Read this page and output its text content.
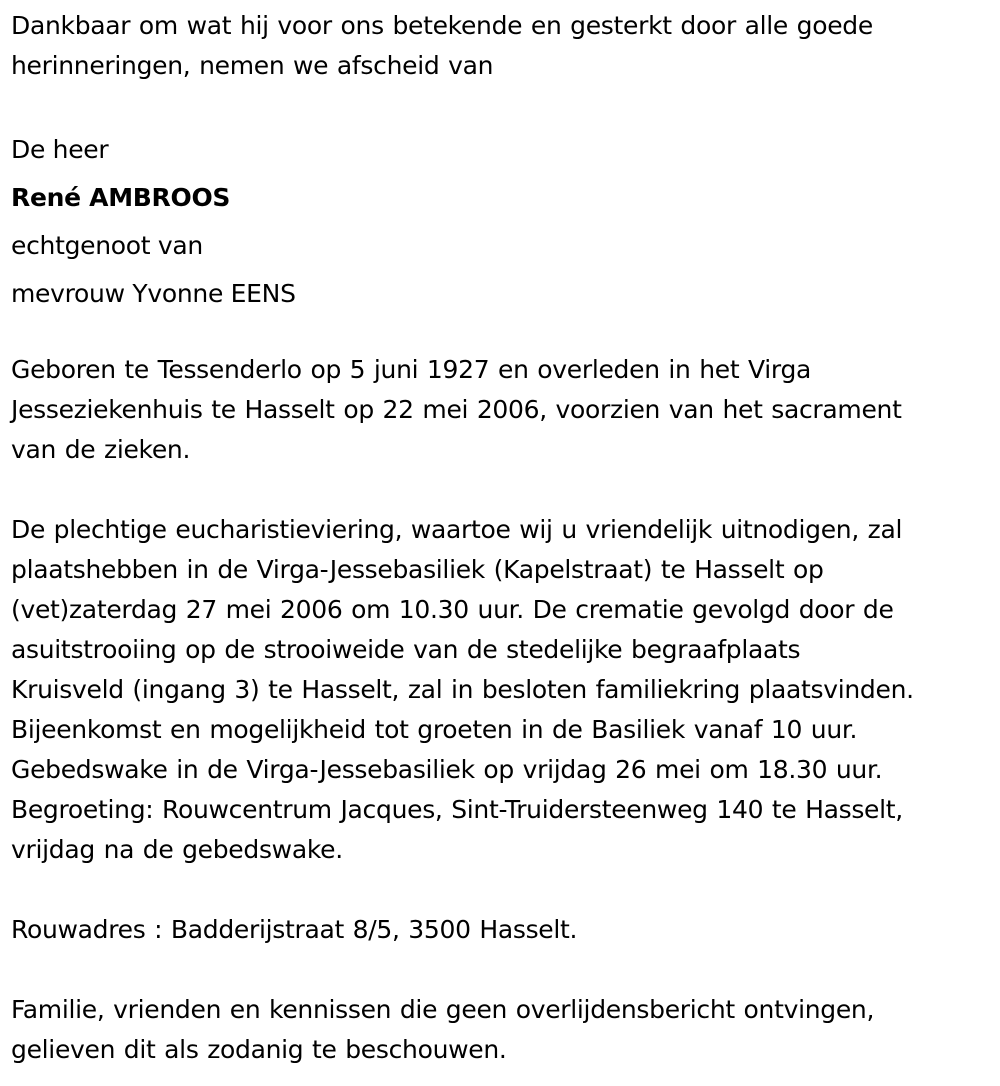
Dankbaar om wat hij voor ons betekende en gesterkt door alle goede
herinneringen, nemen we afscheid van

De heer

René AMBROOS

echtgenoot van

mevrouw Yvonne EENS

Geboren te Tessenderlo op 5 juni 1927 en overleden in het Virga
Jesseziekenhuis te Hasselt op 22 mei 2006, voorzien van het sacrament
van de zieken.

De plechtige eucharistieviering, waartoe wij u vriendelijk uitnodigen, zal
plaatshebben in de Virga-Jessebasiliek (Kapelstraat) te Hasselt op
(vet)zaterdag 27 mei 2006 om 10.30 uur. De crematie gevolgd door de
asuitstrooiing op de strooiweide van de stedelijke begraafplaats
Kruisveld (ingang 3) te Hasselt, zal in besloten familiekring plaatsvinden.
Bijeenkomst en mogelijkheid tot groeten in de Basiliek vanaf 10 uur.
Gebedswake in de Virga-Jessebasiliek op vrijdag 26 mei om 18.30 uur.
Begroeting: Rouwcentrum Jacques, Sint-Truidersteenweg 140 te Hasselt,
vrijdag na de gebedswake.

Rouwadres : Badderijstraat 8/5, 3500 Hasselt.

Familie, vrienden en kennissen die geen overlijdensbericht ontvingen,
gelieven dit als zodanig te beschouwen.
